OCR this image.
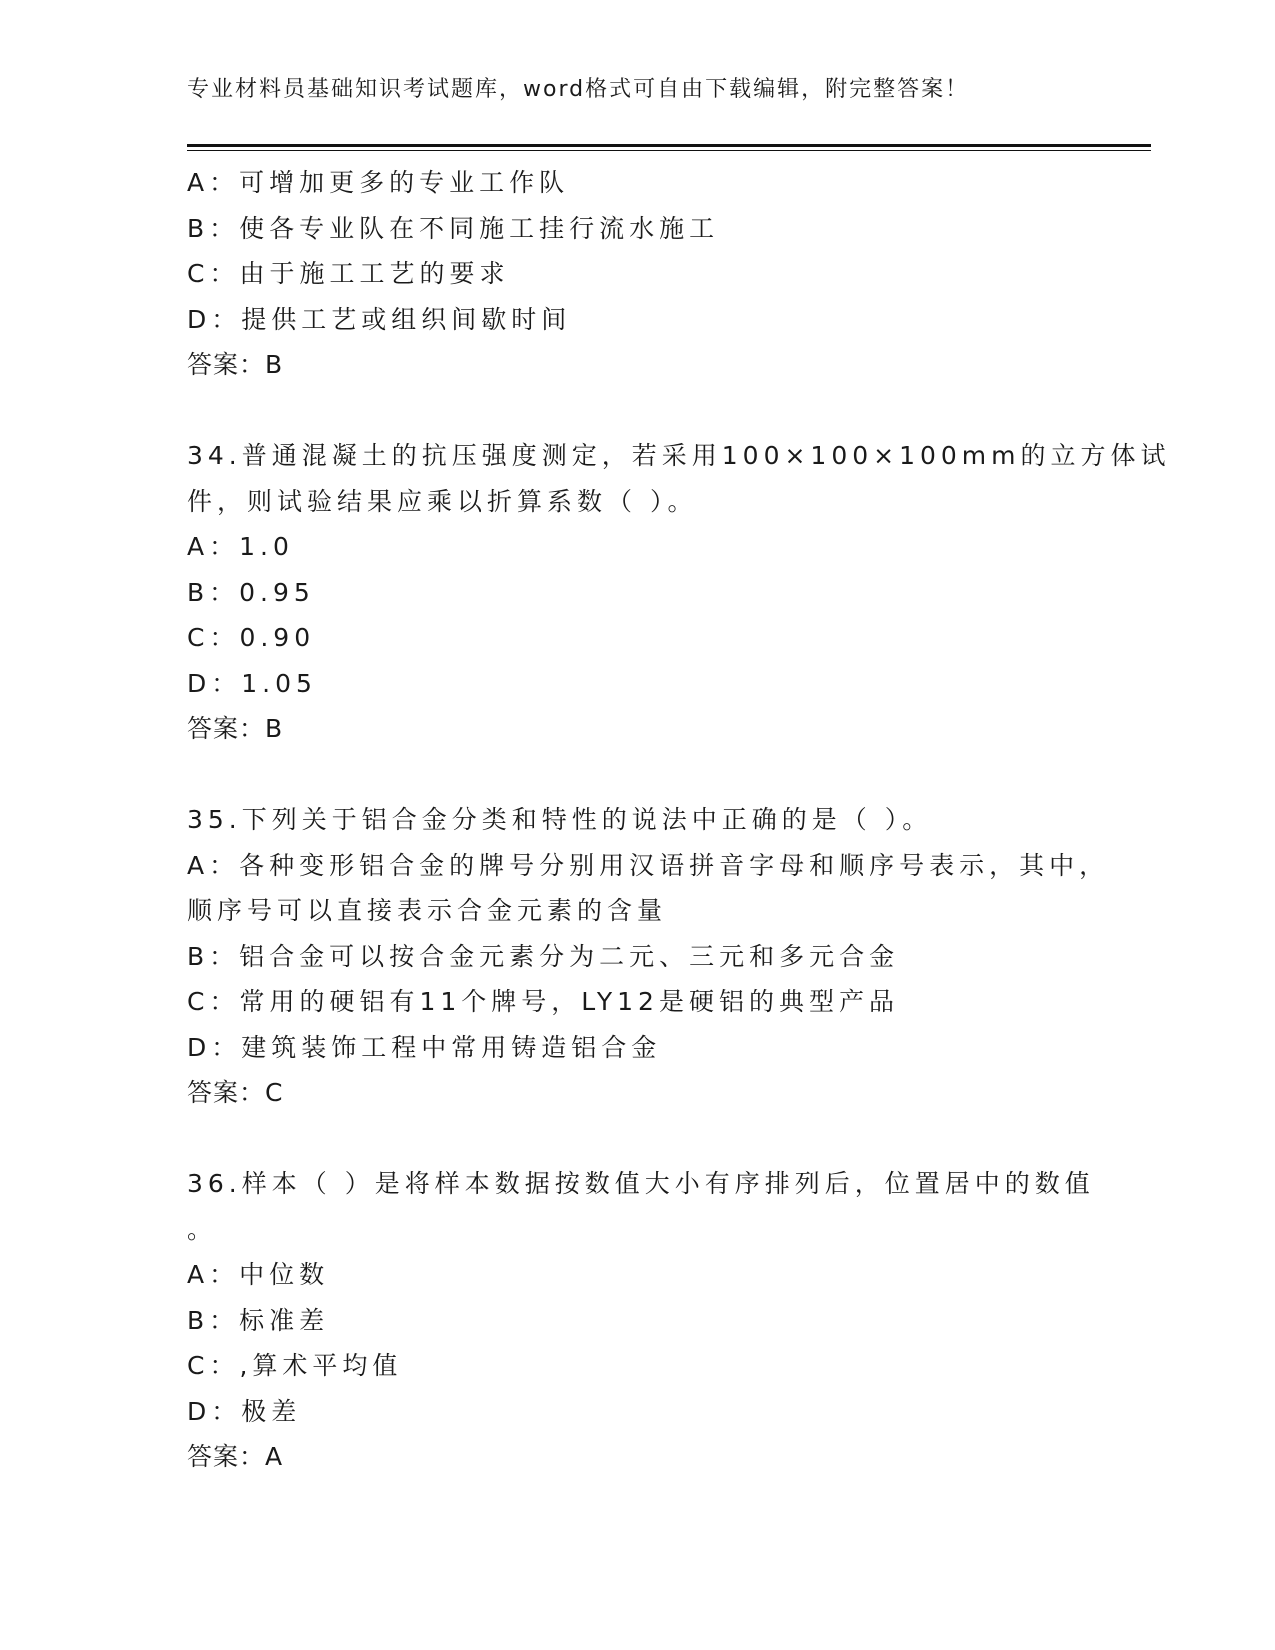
专业材料员基础知识考试题库，word格式可自由下载编辑，附完整答案！
A：可增加更多的专业工作队
B：使各专业队在不同施工挂行流水施工
C：由于施工工艺的要求
D：提供工艺或组织间歇时间
答案：B
34.普通混凝土的抗压强度测定，若采用100×100×100mm的立方体试
件，则试验结果应乘以折算系数（ ）。
A：1.0
B：0.95
C：0.90
D：1.05
答案：B
35.下列关于铝合金分类和特性的说法中正确的是（ ）。
A：各种变形铝合金的牌号分别用汉语拼音字母和顺序号表示，其中，
顺序号可以直接表示合金元素的含量
B：铝合金可以按合金元素分为二元、三元和多元合金
C：常用的硬铝有11个牌号，LY12是硬铝的典型产品
D：建筑装饰工程中常用铸造铝合金
答案：C
36.样本（ ）是将样本数据按数值大小有序排列后，位置居中的数值
。
A：中位数
B：标准差
C：,算术平均值
D：极差
答案：A
